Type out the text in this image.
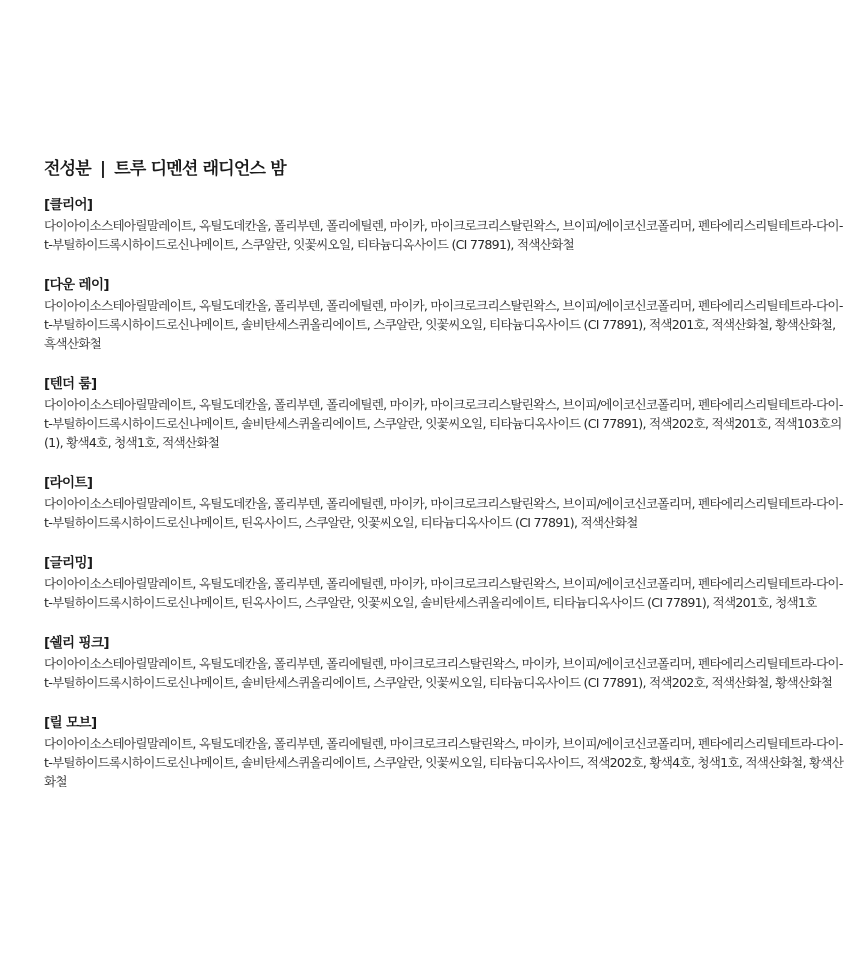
전성분 | 트루 디멘션 래디언스 밤
[클리어]
다이아이소스테아릴말레이트, 옥틸도데칸올, 폴리부텐, 폴리에틸렌, 마이카, 마이크로크리스탈린왁스, 브이피/에이코신코폴리머, 펜타에리스리틸테트라-다이-t-부틸하이드록시하이드로신나메이트, 스쿠알란, 잇꽃씨오일, 티타늄디옥사이드 (CI 77891), 적색산화철
[다운 레이]
다이아이소스테아릴말레이트, 옥틸도데칸올, 폴리부텐, 폴리에틸렌, 마이카, 마이크로크리스탈린왁스, 브이피/에이코신코폴리머, 펜타에리스리틸테트라-다이-t-부틸하이드록시하이드로신나메이트, 솔비탄세스퀴올리에이트, 스쿠알란, 잇꽃씨오일, 티타늄디옥사이드 (CI 77891), 적색201호, 적색산화철, 황색산화철, 흑색산화철
[텐더 룸]
다이아이소스테아릴말레이트, 옥틸도데칸올, 폴리부텐, 폴리에틸렌, 마이카, 마이크로크리스탈린왁스, 브이피/에이코신코폴리머, 펜타에리스리틸테트라-다이-t-부틸하이드록시하이드로신나메이트, 솔비탄세스퀴올리에이트, 스쿠알란, 잇꽃씨오일, 티타늄디옥사이드 (CI 77891), 적색202호, 적색201호, 적색103호의(1), 황색4호, 청색1호, 적색산화철
[라이트]
다이아이소스테아릴말레이트, 옥틸도데칸올, 폴리부텐, 폴리에틸렌, 마이카, 마이크로크리스탈린왁스, 브이피/에이코신코폴리머, 펜타에리스리틸테트라-다이-t-부틸하이드록시하이드로신나메이트, 틴옥사이드, 스쿠알란, 잇꽃씨오일, 티타늄디옥사이드 (CI 77891), 적색산화철
[글리밍]
다이아이소스테아릴말레이트, 옥틸도데칸올, 폴리부텐, 폴리에틸렌, 마이카, 마이크로크리스탈린왁스, 브이피/에이코신코폴리머, 펜타에리스리틸테트라-다이-t-부틸하이드록시하이드로신나메이트, 틴옥사이드, 스쿠알란, 잇꽃씨오일, 솔비탄세스퀴올리에이트, 티타늄디옥사이드 (CI 77891), 적색201호, 청색1호
[쉘리 핑크]
다이아이소스테아릴말레이트, 옥틸도데칸올, 폴리부텐, 폴리에틸렌, 마이크로크리스탈린왁스, 마이카, 브이피/에이코신코폴리머, 펜타에리스리틸테트라-다이-t-부틸하이드록시하이드로신나메이트, 솔비탄세스퀴올리에이트, 스쿠알란, 잇꽃씨오일, 티타늄디옥사이드 (CI 77891), 적색202호, 적색산화철, 황색산화철
[릴 모브]
다이아이소스테아릴말레이트, 옥틸도데칸올, 폴리부텐, 폴리에틸렌, 마이크로크리스탈린왁스, 마이카, 브이피/에이코신코폴리머, 펜타에리스리틸테트라-다이-t-부틸하이드록시하이드로신나메이트, 솔비탄세스퀴올리에이트, 스쿠알란, 잇꽃씨오일, 티타늄디옥사이드, 적색202호, 황색4호, 청색1호, 적색산화철, 황색산화철
